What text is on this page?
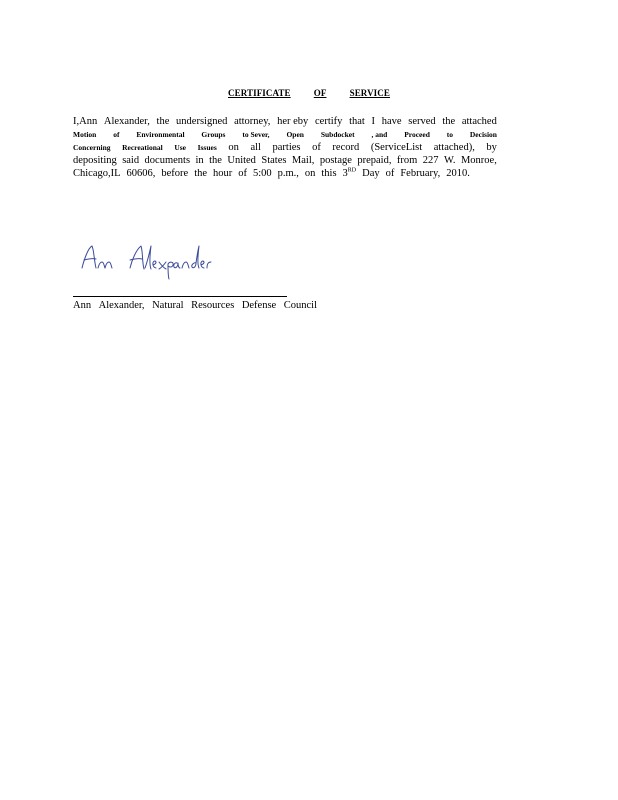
CERTIFICATE	OF	SERVICE
I,Ann Alexander, the undersigned attorney, her eby certify that I have served the attached
Motion of Environmental Groups to Sever, Open Subdocket , and Proceed to Decision
Concerning Recreational Use Issues on all parties of record (ServiceList attached), by
depositing said documents in the United States Mail, postage prepaid, from 227 W. Monroe,
Chicago,IL 60606, before the hour of 5:00 p.m., on this 3RD Day of February, 2010.
Ann Alexander, Natural Resources Defense Council
